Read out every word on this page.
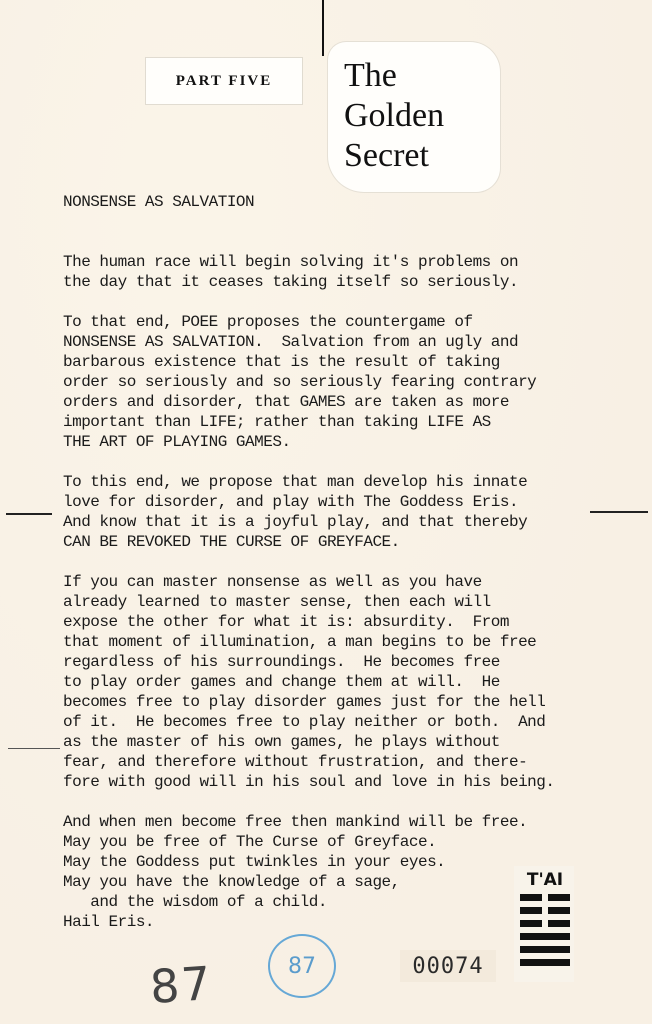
PART FIVE	The
Golden
Secret
NONSENSE AS SALVATION
The human race will begin solving it's problems on
the day that it ceases taking itself so seriously.
To that end, POEE proposes the countergame of
NONSENSE AS SALVATION.  Salvation from an ugly and
barbarous existence that is the result of taking
order so seriously and so seriously fearing contrary
orders and disorder, that GAMES are taken as more
important than LIFE; rather than taking LIFE AS
THE ART OF PLAYING GAMES.
To this end, we propose that man develop his innate
love for disorder, and play with The Goddess Eris.
And know that it is a joyful play, and that thereby
CAN BE REVOKED THE CURSE OF GREYFACE.
If you can master nonsense as well as you have
already learned to master sense, then each will
expose the other for what it is: absurdity.  From
that moment of illumination, a man begins to be free
regardless of his surroundings.  He becomes free
to play order games and change them at will.  He
becomes free to play disorder games just for the hell
of it.  He becomes free to play neither or both.  And
as the master of his own games, he plays without
fear, and therefore without frustration, and there-
fore with good will in his soul and love in his being.
And when men become free then mankind will be free.
May you be free of The Curse of Greyface.
May the Goddess put twinkles in your eyes.
May you have the knowledge of a sage,
and the wisdom of a child.
Hail Eris.
87	87	00074
T'AI
